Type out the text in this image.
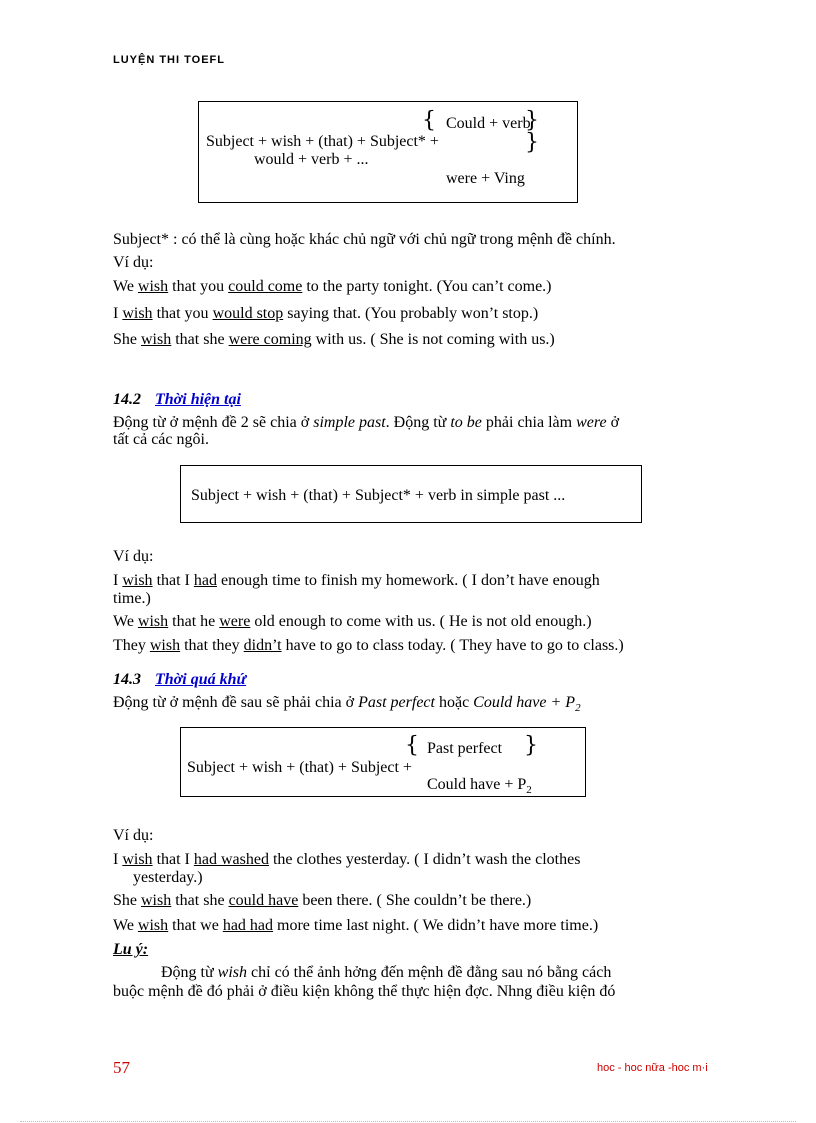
LUYỆN THI TOEFL
{	}
}
Could + verb
Subject + wish + (that) + Subject* +
would + verb + ...
were + Ving
Subject* : có thể là cùng hoặc khác chủ ngữ với chủ ngữ trong mệnh đề chính.
Ví dụ:
We wish that you could come to the party tonight. (You can’t come.)
I wish that you would stop saying that. (You probably won’t stop.)
She wish that she were coming with us. ( She is not coming with us.)
14.2 Thời hiện tại
Động từ ở mệnh đề 2 sẽ chia ở simple past. Động từ to be phải chia làm were ở
tất cả các ngôi.
Subject + wish + (that) + Subject* + verb in simple past ...
Ví dụ:
I wish that I had enough time to finish my homework. ( I don’t have enough
time.)
We wish that he were old enough to come with us. ( He is not old enough.)
They wish that they didn’t have to go to class today. ( They have to go to class.)
14.3 Thời quá khứ
Động từ ở mệnh đề sau sẽ phải chia ở Past perfect hoặc Could have + $P_2$
{	}
Past perfect
Subject + wish + (that) + Subject +
Could have + $P_2$
Ví dụ:
I wish that I had washed the clothes yesterday. ( I didn’t wash the clothes
yesterday.)
She wish that she could have been there. ( She couldn’t be there.)
We wish that we had had more time last night. ( We didn’t have more time.)
Lu ý:
Động từ wish chỉ có thể ảnh hởng đến mệnh đề đằng sau nó bằng cách
buộc mệnh đề đó phải ở điều kiện không thể thực hiện đợc. Nhng điều kiện đó
57	hoc - hoc nữa -hoc m·i
